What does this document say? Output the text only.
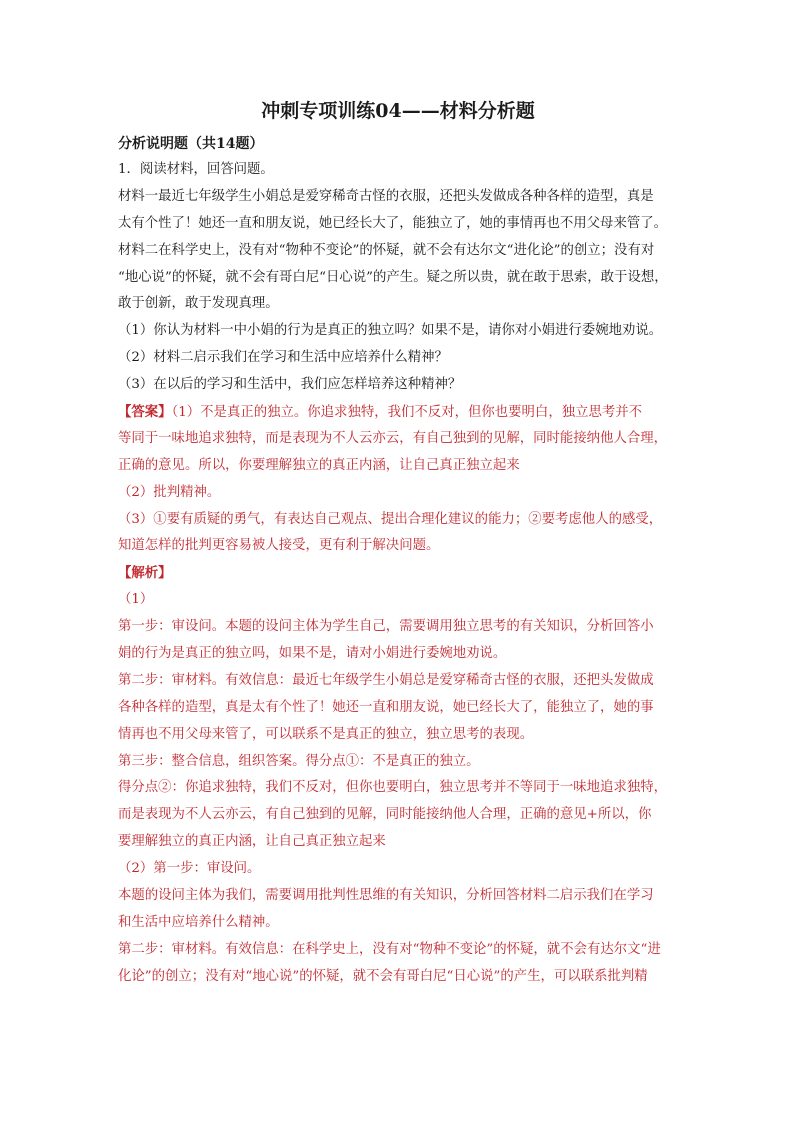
冲刺专项训练04——材料分析题
分析说明题（共14题）
1．阅读材料，回答问题。
材料一最近七年级学生小娟总是爱穿稀奇古怪的衣服，还把头发做成各种各样的造型，真是
太有个性了！她还一直和朋友说，她已经长大了，能独立了，她的事情再也不用父母来管了。
材料二在科学史上，没有对“物种不变论”的怀疑，就不会有达尔文“进化论”的创立；没有对
“地心说”的怀疑，就不会有哥白尼“日心说”的产生。疑之所以贵，就在敢于思索，敢于设想，
敢于创新，敢于发现真理。
（1）你认为材料一中小娟的行为是真正的独立吗？如果不是，请你对小娟进行委婉地劝说。
（2）材料二启示我们在学习和生活中应培养什么精神？
（3）在以后的学习和生活中，我们应怎样培养这种精神？
【答案】（1）不是真正的独立。你追求独特，我们不反对，但你也要明白，独立思考并不
等同于一味地追求独特，而是表现为不人云亦云，有自己独到的见解，同时能接纳他人合理，
正确的意见。所以，你要理解独立的真正内涵，让自己真正独立起来
（2）批判精神。
（3）①要有质疑的勇气，有表达自己观点、提出合理化建议的能力；②要考虑他人的感受，
知道怎样的批判更容易被人接受，更有利于解决问题。
【解析】
（1）
第一步：审设问。本题的设问主体为学生自己，需要调用独立思考的有关知识，分析回答小
娟的行为是真正的独立吗，如果不是，请对小娟进行委婉地劝说。
第二步：审材料。有效信息：最近七年级学生小娟总是爱穿稀奇古怪的衣服，还把头发做成
各种各样的造型，真是太有个性了！她还一直和朋友说，她已经长大了，能独立了，她的事
情再也不用父母来管了，可以联系不是真正的独立，独立思考的表现。
第三步：整合信息，组织答案。得分点①：不是真正的独立。
得分点②：你追求独特，我们不反对，但你也要明白，独立思考并不等同于一味地追求独特，
而是表现为不人云亦云，有自己独到的见解，同时能接纳他人合理，正确的意见+所以，你
要理解独立的真正内涵，让自己真正独立起来
（2）第一步：审设问。
本题的设问主体为我们，需要调用批判性思维的有关知识，分析回答材料二启示我们在学习
和生活中应培养什么精神。
第二步：审材料。有效信息：在科学史上，没有对“物种不变论”的怀疑，就不会有达尔文“进
化论”的创立；没有对“地心说”的怀疑，就不会有哥白尼“日心说”的产生，可以联系批判精
